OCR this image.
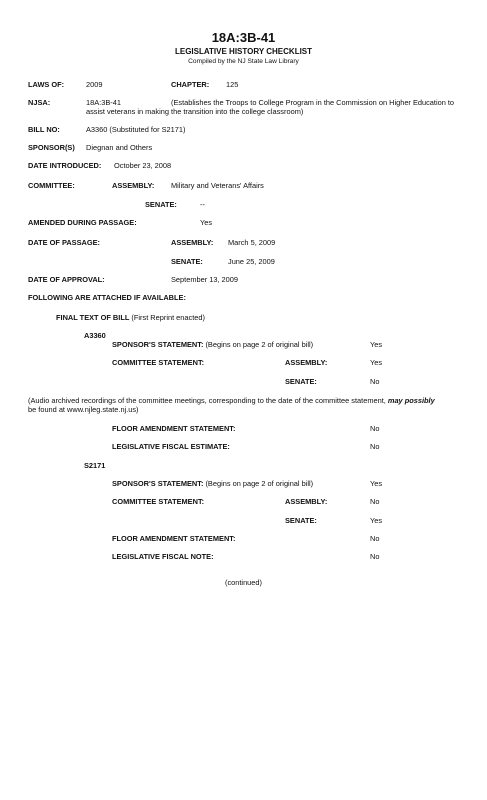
18A:3B-41
LEGISLATIVE HISTORY CHECKLIST
Compiled by the NJ State Law Library
LAWS OF:	2009	CHAPTER: 125
NJSA:	18A:3B-41	(Establishes the Troops to College Program in the Commission on Higher Education to
assist veterans in making the transition into the college classroom)
BILL NO:	A3360 (Substituted for S2171)
SPONSOR(S) Diegnan and Others
DATE INTRODUCED: October 23, 2008
COMMITTEE:	ASSEMBLY: Military and Veterans' Affairs
SENATE:	--
AMENDED DURING PASSAGE:	Yes
DATE OF PASSAGE:	ASSEMBLY: March 5, 2009
SENATE:	June 25, 2009
DATE OF APPROVAL:	September 13, 2009
FOLLOWING ARE ATTACHED IF AVAILABLE:
FINAL TEXT OF BILL (First Reprint enacted)
A3360
SPONSOR'S STATEMENT: (Begins on page 2 of original bill)	Yes
COMMITTEE STATEMENT:	ASSEMBLY:	Yes
SENATE:	No
(Audio archived recordings of the committee meetings, corresponding to the date of the committee statement, may possibly
be found at www.njleg.state.nj.us)
FLOOR AMENDMENT STATEMENT:	No
LEGISLATIVE FISCAL ESTIMATE:	No
S2171
SPONSOR'S STATEMENT: (Begins on page 2 of original bill)	Yes
COMMITTEE STATEMENT:	ASSEMBLY:	No
SENATE:	Yes
FLOOR AMENDMENT STATEMENT:	No
LEGISLATIVE FISCAL NOTE:	No
(continued)
